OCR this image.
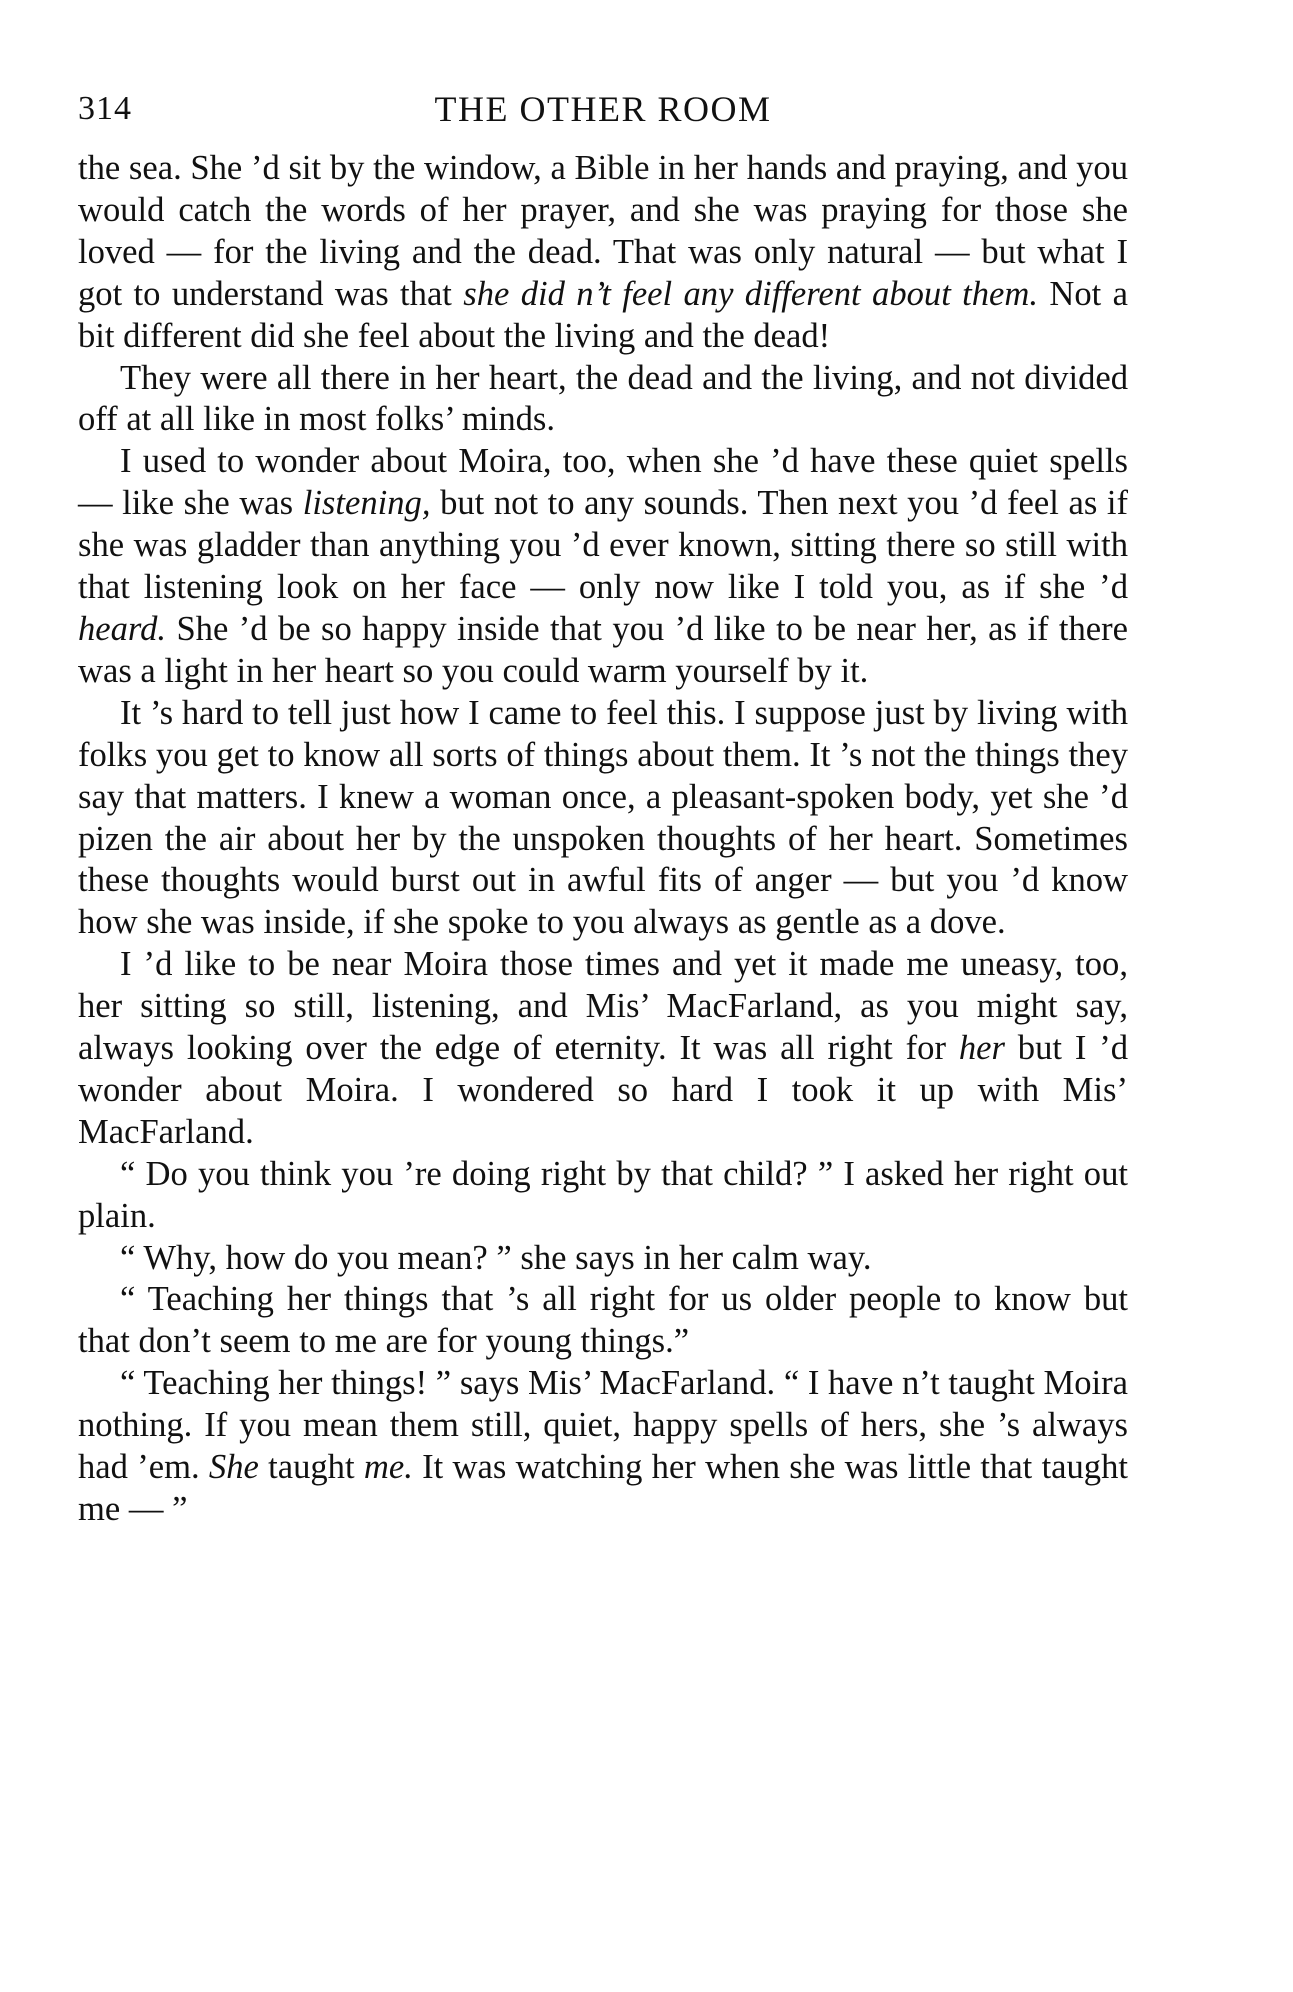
314	THE OTHER ROOM

the sea. She ’d sit by the window, a Bible in her hands and praying, and you would catch the words of her prayer, and she was praying for those she loved — for the living and the dead. That was only natural — but what I got to understand was that she did n’t feel any different about them. Not a bit different did she feel about the living and the dead!

They were all there in her heart, the dead and the living, and not divided off at all like in most folks’ minds.

I used to wonder about Moira, too, when she ’d have these quiet spells — like she was listening, but not to any sounds. Then next you ’d feel as if she was gladder than anything you ’d ever known, sitting there so still with that listening look on her face — only now like I told you, as if she ’d heard. She ’d be so happy inside that you ’d like to be near her, as if there was a light in her heart so you could warm yourself by it.

It ’s hard to tell just how I came to feel this. I suppose just by living with folks you get to know all sorts of things about them. It ’s not the things they say that matters. I knew a woman once, a pleasant-spoken body, yet she ’d pizen the air about her by the unspoken thoughts of her heart. Sometimes these thoughts would burst out in awful fits of anger — but you ’d know how she was inside, if she spoke to you always as gentle as a dove.

I ’d like to be near Moira those times and yet it made me uneasy, too, her sitting so still, listening, and Mis’ MacFarland, as you might say, always looking over the edge of eternity. It was all right for her but I ’d wonder about Moira. I wondered so hard I took it up with Mis’ MacFarland.

“ Do you think you ’re doing right by that child? ” I asked her right out plain.

“ Why, how do you mean? ” she says in her calm way.

“ Teaching her things that ’s all right for us older people to know but that don’t seem to me are for young things.”

“ Teaching her things! ” says Mis’ MacFarland. “ I have n’t taught Moira nothing. If you mean them still, quiet, happy spells of hers, she ’s always had ’em. She taught me. It was watching her when she was little that taught me — ”
